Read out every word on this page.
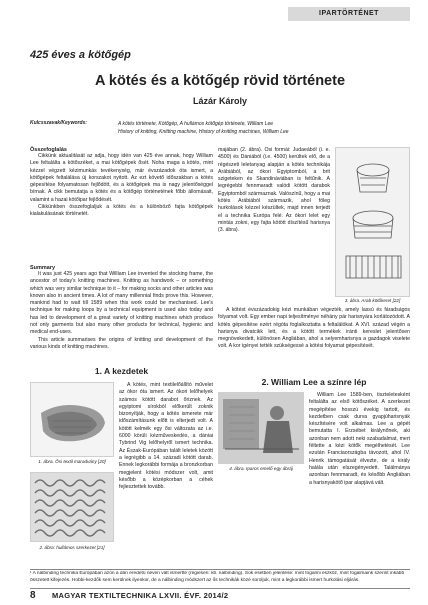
IPARTÖRTÉNET
425 éves a kötőgép
A kötés és a kötőgép rövid története
Lázár Károly
Kulcsszavak/Keywords:	A kötés története, Kötőgép, A hullámos kötőgép története, William Lee
History of knitting, Knitting machine, History of knitting machines, William Lee
Összefoglalás

Cikkünk aktualitását az adja, hogy idén van 425 éve annak, hogy William Lee feltalálta a kötőszéket, a mai kötőgépek ősét. Noha maga a kötés, mint kézzel végzett kézimunkás tevékenység, már évszázadok óta ismert, a kötőgépek feltalálása új korszakot nyitott. Az ezt követő időszakban a kötés gépesítése folyamatosan fejlődött, és a kötőgépek ma is nagy jelentőséggel bírnak. A cikk bemutatja a kötés és a kötőgép történetének főbb állomásait, valamint a hazai kötőipar fejlődését.

Cikkünkben összefoglaljuk a kötés és a különböző fajta kötőgépek kialakulásának történetét.

Summary

It was just 425 years ago that William Lee invented the stocking frame, the ancestor of today's knitting machines. Knitting as handwork – or something which was very similar technique to it – for making socks and other articles was known also in ancient times. A lot of many millennial finds prove this. However, mankind had to wait till 1589 when this work could be mechanised. Lee's technique for making loops by a technical equipment is used also today and has led to development of a great variety of knitting machines which produce not only garments but also many other products for technical, hygienic and medical end-uses.

This article summarises the origins of knitting and development of the various kinds of knitting machines.

1. A kezdetek
1. ábra. Ősi textil maradvány [20]
2. ábra: hullámos szerkezet [21]

A kötés, mint textilelőállító művelet az ókor óta ismert. Az ókori lelőhelyek számos kötött darabot őriznek. Az egyiptomi sírokból előkerült zoknik bizonyítják, hogy a kötés ismerete már időszámításunk előtt is elterjedt volt. A kötött kelmék egy ősi változata az i.e. 6000 körüli kézműveskedés, a dániai Tybrind Vig lelőhelyről ismert technika. Az Észak-Európában talált leletek között a legrégibb a 14. századi kötött darab. Ennek legkorábbi formája a bronzkorban megjelent kötési módszer volt, amit később a középkorban a céhek fejlesztettek tovább.

majában (2. ábra). Ősi formái: Judaeából (i. e. 4500) és Dániából (i.e. 4500) kerültek elő, de a régészeti leletanyag alapján a kötés technikája Arábiából, az ókori Egyiptomból, a brit szigeteken és Skandináviában is feltűnik. A legrégebbi fennmaradt valódi kötött darabok Egyiptomból származnak. Valószínű, hogy a mai kötés Arábiából származik, ahol föleg hurkolások kézzel készültek, majd innen terjedt el a technika Európa felé. Az ókori lelet egy mintás zokni, egy fajta kötött díszítésű harisnya (3. ábra).

3. ábra. Arab kötőkeret [22]

A kötést évszázadokig kézi munkában végezték, amely lassú és fáradságos folyamat volt. Egy ember napi teljesítménye néhány pár harisnyára korlátozódott. A kötés gépesítése ezért régóta foglalkoztatta a feltalálókat. A XVI. század végén a harisnya divatcikk lett, és a kötött termékek iránti kereslet jelentősen megnövekedett, különösen Angliában, ahol a selyemharisnya a gazdagok viselete volt. A kor igényei tették szükségessé a kötési folyamat gépesítését.

2. William Lee a színre lép
4. ábra. Iparos emelő egy ábráj

William Lee 1589-ben, tiszteletesként feltalálta az első kötőszéket. A szerkezet megépítése hosszú évekig tartott, és kezdetben csak durva gyapjúharisnyák készítésére volt alkalmas. Lee a gépét bemutatta I. Erzsébet királynőnek, aki azonban nem adott neki szabadalmat, mert féltette a kézi kötők megélhetését. Lee ezután Franciaországba távozott, ahol IV. Henrik támogatását élvezte, de a király halála után elszegényedett. Találmánya azonban fennmaradt, és később Angliában a harisnyakötő ipar alapjává vált.

¹ A nálbinding technika Európában azon a dán eredetű néven vált ismertté (régiesen: kb. nálbinding). Sok esetben jelentése: mint fogalmi eszköz, mint fogalmaink szerint inkább összetett kifejezés. Hobbi-kezdők sem kerülnek ilyenkor, de a nálbinding módszert az ős technikák közé soroljuk, mint a legkorábbi ismert hurkolási eljárás.
8 MAGYAR TEXTILTECHNIKA LXVII. ÉVF. 2014/2
